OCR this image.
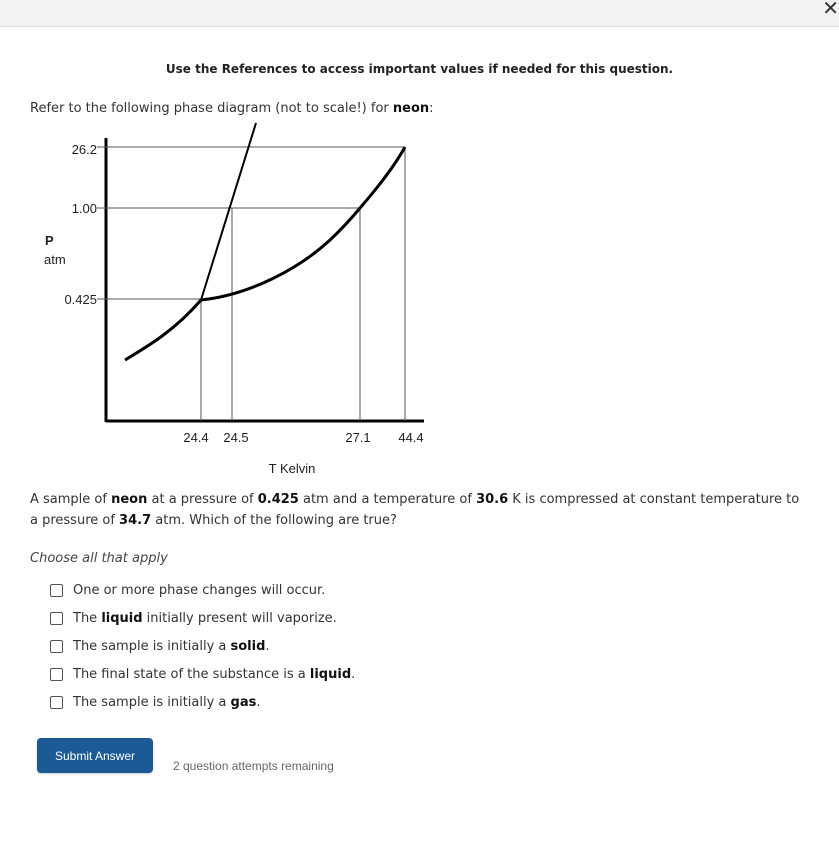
✕
Use the References to access important values if needed for this question.
Refer to the following phase diagram (not to scale!) for neon:
26.2
1.00
0.425
P
atm
24.4 24.5	27.1 44.4
T Kelvin
A sample of neon at a pressure of 0.425 atm and a temperature of 30.6 K is compressed at constant temperature to a pressure of 34.7 atm. Which of the following are true?
Choose all that apply
One or more phase changes will occur.
The liquid initially present will vaporize.
The sample is initially a solid.
The final state of the substance is a liquid.
The sample is initially a gas.
Submit Answer
2 question attempts remaining
